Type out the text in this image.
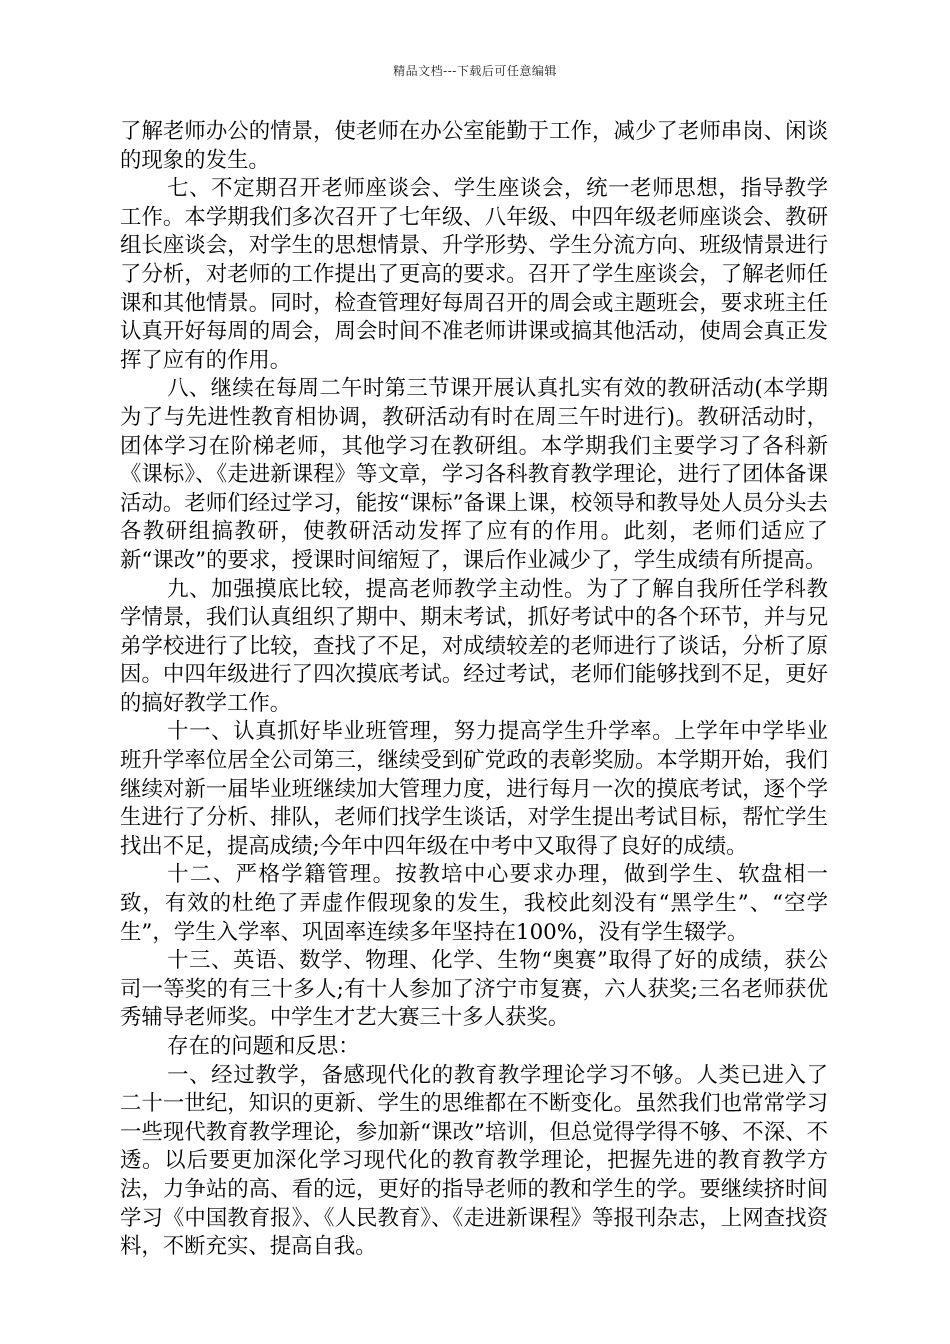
精品文档---下载后可任意编辑

了解老师办公的情景，使老师在办公室能勤于工作，减少了老师串岗、闲谈的现象的发生。

七、不定期召开老师座谈会、学生座谈会，统一老师思想，指导教学工作。本学期我们多次召开了七年级、八年级、中四年级老师座谈会、教研组长座谈会，对学生的思想情景、升学形势、学生分流方向、班级情景进行了分析，对老师的工作提出了更高的要求。召开了学生座谈会，了解老师任课和其他情景。同时，检查管理好每周召开的周会或主题班会，要求班主任认真开好每周的周会，周会时间不准老师讲课或搞其他活动，使周会真正发挥了应有的作用。

八、继续在每周二午时第三节课开展认真扎实有效的教研活动(本学期为了与先进性教育相协调，教研活动有时在周三午时进行)。教研活动时，团体学习在阶梯老师，其他学习在教研组。本学期我们主要学习了各科新《课标》、《走进新课程》等文章，学习各科教育教学理论，进行了团体备课活动。老师们经过学习，能按“课标”备课上课，校领导和教导处人员分头去各教研组搞教研，使教研活动发挥了应有的作用。此刻，老师们适应了新“课改”的要求，授课时间缩短了，课后作业减少了，学生成绩有所提高。

九、加强摸底比较，提高老师教学主动性。为了了解自我所任学科教学情景，我们认真组织了期中、期末考试，抓好考试中的各个环节，并与兄弟学校进行了比较，查找了不足，对成绩较差的老师进行了谈话，分析了原因。中四年级进行了四次摸底考试。经过考试，老师们能够找到不足，更好的搞好教学工作。

十一、认真抓好毕业班管理，努力提高学生升学率。上学年中学毕业班升学率位居全公司第三，继续受到矿党政的表彰奖励。本学期开始，我们继续对新一届毕业班继续加大管理力度，进行每月一次的摸底考试，逐个学生进行了分析、排队，老师们找学生谈话，对学生提出考试目标，帮忙学生找出不足，提高成绩;今年中四年级在中考中又取得了良好的成绩。

十二、严格学籍管理。按教培中心要求办理，做到学生、软盘相一致，有效的杜绝了弄虚作假现象的发生，我校此刻没有“黑学生”、“空学生”，学生入学率、巩固率连续多年坚持在100%，没有学生辍学。

十三、英语、数学、物理、化学、生物“奥赛”取得了好的成绩，获公司一等奖的有三十多人;有十人参加了济宁市复赛，六人获奖;三名老师获优秀辅导老师奖。中学生才艺大赛三十多人获奖。

存在的问题和反思：

一、经过教学，备感现代化的教育教学理论学习不够。人类已进入了二十一世纪，知识的更新、学生的思维都在不断变化。虽然我们也常常学习一些现代教育教学理论，参加新“课改”培训，但总觉得学得不够、不深、不透。以后要更加深化学习现代化的教育教学理论，把握先进的教育教学方法，力争站的高、看的远，更好的指导老师的教和学生的学。要继续挤时间学习《中国教育报》、《人民教育》、《走进新课程》等报刊杂志，上网查找资料，不断充实、提高自我。
